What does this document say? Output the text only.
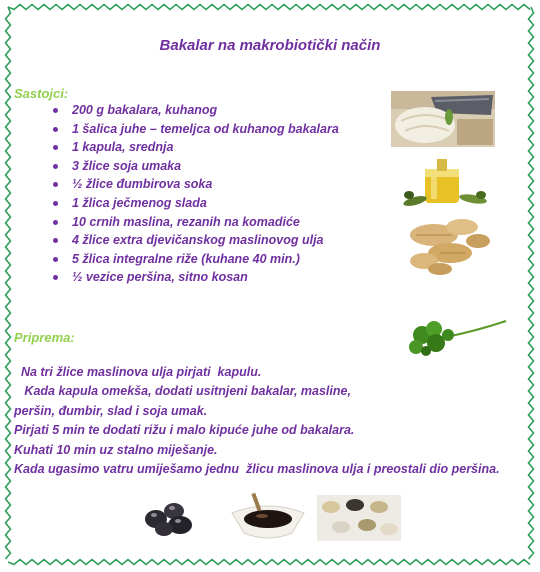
Bakalar na makrobiotički način
Sastojci:
200 g bakalara, kuhanog
1 šalica juhe – temeljca od kuhanog bakalara
1 kapula, srednja
3 žlice soja umaka
½ žlice đumbirova soka
1 žlica ječmenog slada
10 crnih maslina, rezanih na komadiće
4 žlice extra djevičanskog maslinovog ulja
5 žlica integralne riže (kuhane 40 min.)
½ vezice peršina, sitno kosan
Priprema:
Na tri žlice maslinova ulja pirjati  kapulu.
Kada kapula omekša, dodati usitnjeni bakalar, masline,
peršin, đumbir, slad i soja umak.
Pirjati 5 min te dodati rižu i malo kipuće juhe od bakalara.
Kuhati 10 min uz stalno miješanje.
Kada ugasimo vatru umiješamo jednu  žlicu maslinova ulja i preostali dio peršina.
